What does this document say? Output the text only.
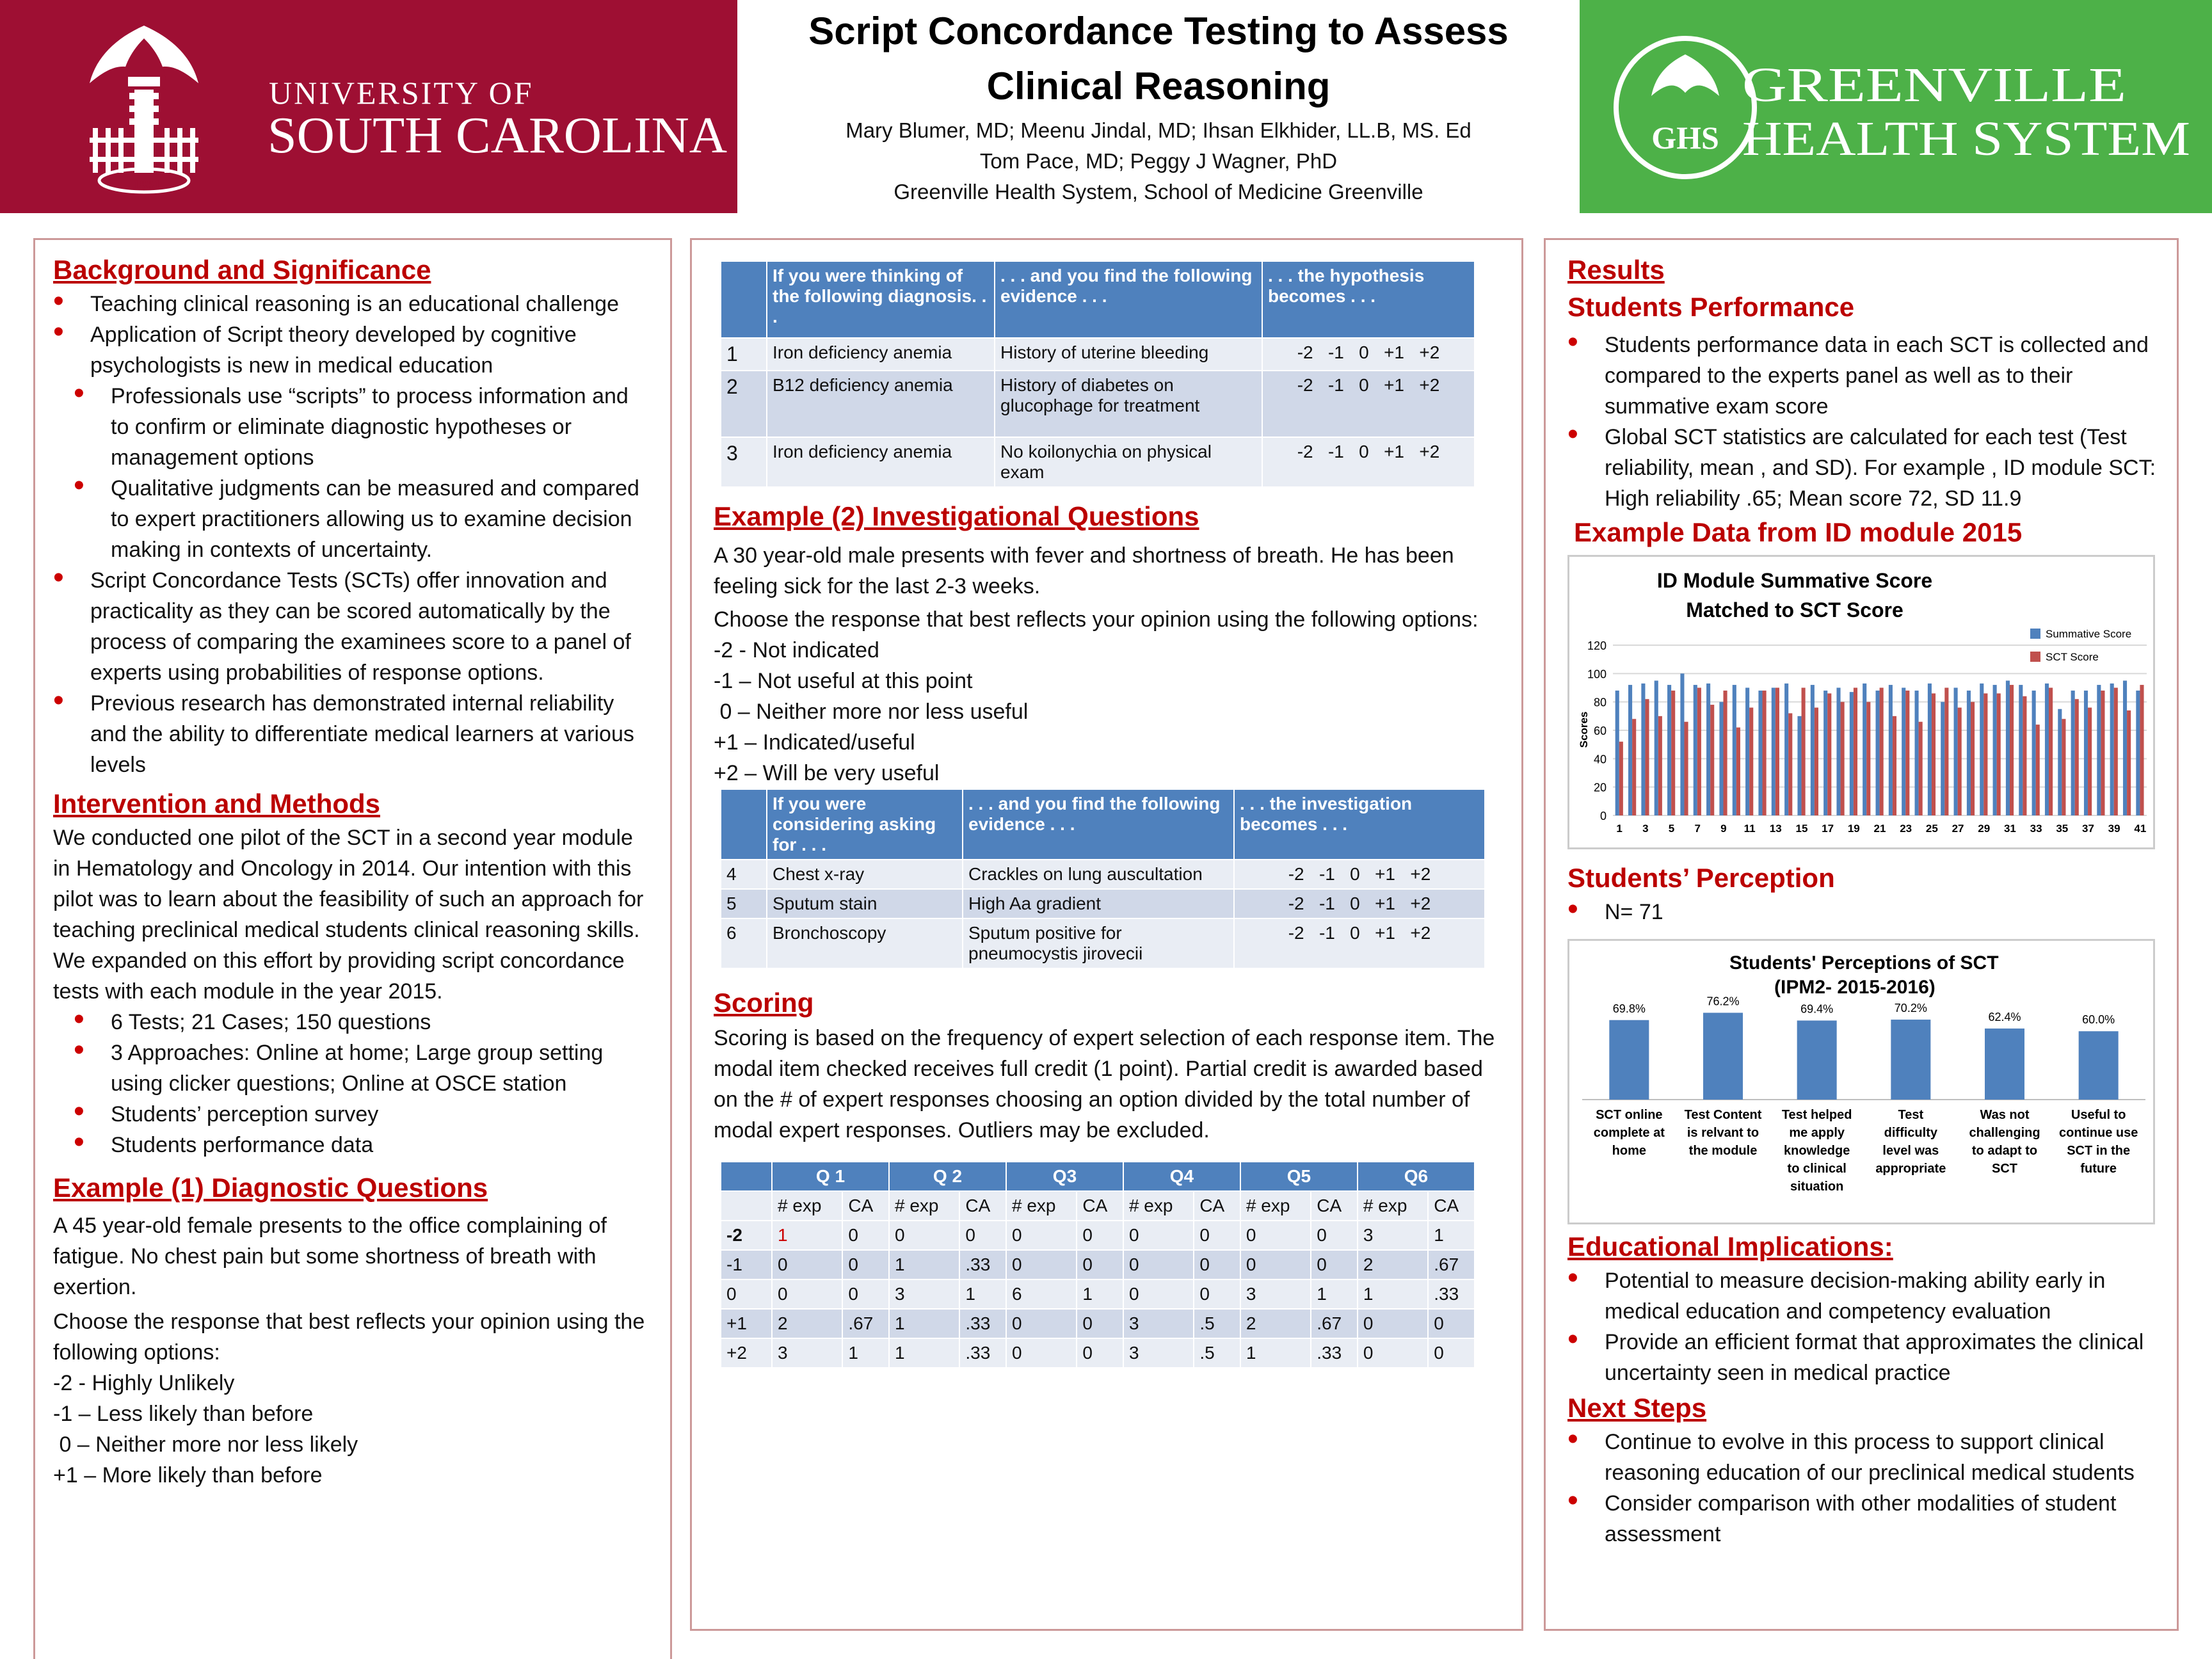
1801
UNIVERSITY OF
SOUTH CAROLINA
Script Concordance Testing to Assess
Clinical Reasoning
Mary Blumer, MD; Meenu Jindal, MD; Ihsan Elkhider, LL.B, MS. Ed
Tom Pace, MD; Peggy J Wagner, PhD
Greenville Health System, School of Medicine Greenville
GHS
GREENVILLE
HEALTH SYSTEM
Background and Significance
• Teaching clinical reasoning is an educational challenge
• Application of Script theory developed by cognitive psychologists is new in medical education
• Professionals use “scripts” to process information and to confirm or eliminate diagnostic hypotheses or management options
• Qualitative judgments can be measured and compared to expert practitioners allowing us to examine decision making in contexts of uncertainty.
• Script Concordance Tests (SCTs) offer innovation and practicality as they can be scored automatically by the process of comparing the examinees score to a panel of experts using probabilities of response options.
• Previous research has demonstrated internal reliability and the ability to differentiate medical learners at various levels
Intervention and Methods

We conducted one pilot of the SCT in a second year module in Hematology and Oncology in 2014. Our intention with this pilot was to learn about the feasibility of such an approach for teaching preclinical medical students clinical reasoning skills. We expanded on this effort by providing script concordance tests with each module in the year 2015.

• 6 Tests; 21 Cases; 150 questions
• 3 Approaches: Online at home; Large group setting using clicker questions; Online at OSCE station
• Students’ perception survey
• Students performance data
Example (1) Diagnostic Questions

A 45 year-old female presents to the office complaining of fatigue. No chest pain but some shortness of breath with exertion.

Choose the response that best reflects your opinion using the following options:

-2 - Highly Unlikely

-1 – Less likely than before

0 – Neither more nor less likely

+1 – More likely than before

	If you were thinking of the following diagnosis. . .	. . . and you find the following evidence . . .	. . . the hypothesis becomes . . .
1	Iron deficiency anemia	History of uterine bleeding	-2   -1   0   +1   +2
2	B12 deficiency anemia	History of diabetes on glucophage for treatment	-2   -1   0   +1   +2
3	Iron deficiency anemia	No koilonychia on physical exam	-2   -1   0   +1   +2
Example (2) Investigational Questions

A 30 year-old male presents with fever and shortness of breath. He has been feeling sick for the last 2-3 weeks.

Choose the response that best reflects your opinion using the following options:

-2 - Not indicated

-1 – Not useful at this point

0 – Neither more nor less useful

+1 – Indicated/useful

+2 – Will be very useful

	If you were considering asking for . . .	. . . and you find the following evidence . . .	. . . the investigation becomes . . .
4	Chest x-ray	Crackles on lung auscultation	-2   -1   0   +1   +2
5	Sputum stain	High Aa gradient	-2   -1   0   +1   +2
6	Bronchoscopy	Sputum positive for pneumocystis jirovecii	-2   -1   0   +1   +2
Scoring

Scoring is based on the frequency of expert selection of each response item. The modal item checked receives full credit (1 point). Partial credit is awarded based on the # of expert responses choosing an option divided by the total number of modal expert responses. Outliers may be excluded.

	Q 1		Q 2		Q3		Q4		Q5		Q6	
	# exp	CA	# exp	CA	# exp	CA	# exp	CA	# exp	CA	# exp	CA
-2	1	0	0	0	0	0	0	0	0	0	3	1
-1	0	0	1	.33	0	0	0	0	0	0	2	.67
0	0	0	3	1	6	1	0	0	3	1	1	.33
+1	2	.67	1	.33	0	0	3	.5	2	.67	0	0
+2	3	1	1	.33	0	0	3	.5	1	.33	0	0
Results
Students Performance
• Students performance data in each SCT is collected and compared to the experts panel as well as to their summative exam score
• Global SCT statistics are calculated for each test (Test reliability, mean , and SD). For example , ID module SCT: High reliability .65; Mean score 72, SD 11.9
Example Data from ID module 2015
ID Module Summative Score
Matched to SCT Score
0
20
40
60
80
100
120
Scores
1 3 5 7 9 11 13 15 17 19 21 23 25 27 29 31 33 35 37 39 41
Summative Score
SCT Score
Students’ Perception
• N= 71
Students' Perceptions of SCT
(IPM2- 2015-2016)
69.8%
SCT online
complete at
home
76.2%
Test Content
is relvant to
the module
69.4%
Test helped
me apply
knowledge
to clinical
situation
70.2%
Test
difficulty
level was
appropriate
62.4%
Was not
challenging
to adapt to
SCT
60.0%
Useful to
continue use
SCT in the
future
Educational Implications:
• Potential to measure decision-making ability early in medical education and competency evaluation
• Provide an efficient format that approximates the clinical uncertainty seen in medical practice
Next Steps
• Continue to evolve in this process to support clinical reasoning education of our preclinical medical students
• Consider comparison with other modalities of student assessment
